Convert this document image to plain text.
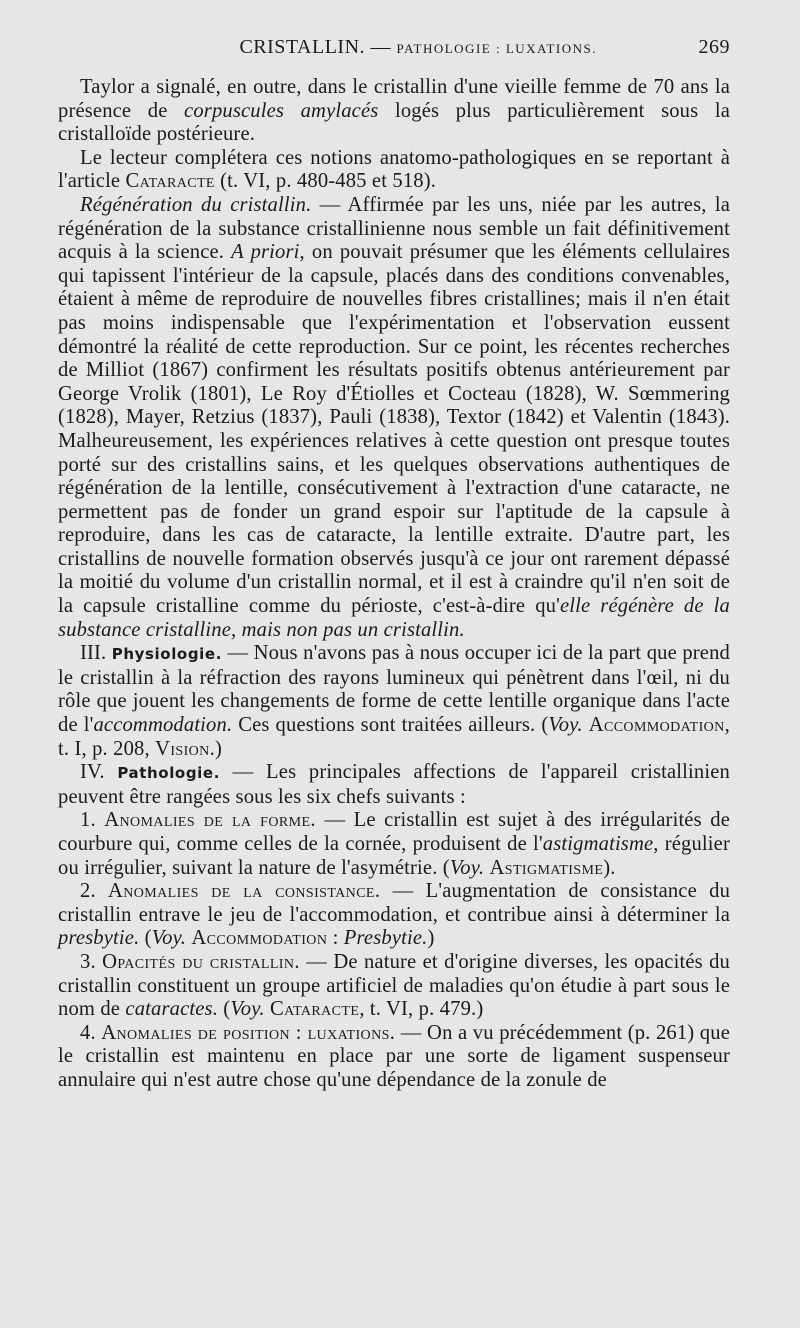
CRISTALLIN. — PATHOLOGIE : LUXATIONS.	269

Taylor a signalé, en outre, dans le cristallin d'une vieille femme de 70 ans la présence de corpuscules amylacés logés plus particulièrement sous la cristalloïde postérieure.

Le lecteur complétera ces notions anatomo-pathologiques en se reportant à l'article Cataracte (t. VI, p. 480-485 et 518).

Régénération du cristallin. — Affirmée par les uns, niée par les autres, la régénération de la substance cristallinienne nous semble un fait définitivement acquis à la science. A priori, on pouvait présumer que les éléments cellulaires qui tapissent l'intérieur de la capsule, placés dans des conditions convenables, étaient à même de reproduire de nouvelles fibres cristallines; mais il n'en était pas moins indispensable que l'expérimentation et l'observation eussent démontré la réalité de cette reproduction. Sur ce point, les récentes recherches de Milliot (1867) confirment les résultats positifs obtenus antérieurement par George Vrolik (1801), Le Roy d'Étiolles et Cocteau (1828), W. Sœmmering (1828), Mayer, Retzius (1837), Pauli (1838), Textor (1842) et Valentin (1843). Malheureusement, les expériences relatives à cette question ont presque toutes porté sur des cristallins sains, et les quelques observations authentiques de régénération de la lentille, consécutivement à l'extraction d'une cataracte, ne permettent pas de fonder un grand espoir sur l'aptitude de la capsule à reproduire, dans les cas de cataracte, la lentille extraite. D'autre part, les cristallins de nouvelle formation observés jusqu'à ce jour ont rarement dépassé la moitié du volume d'un cristallin normal, et il est à craindre qu'il n'en soit de la capsule cristalline comme du périoste, c'est-à-dire qu'elle régénère de la substance cristalline, mais non pas un cristallin.

III. Physiologie. — Nous n'avons pas à nous occuper ici de la part que prend le cristallin à la réfraction des rayons lumineux qui pénètrent dans l'œil, ni du rôle que jouent les changements de forme de cette lentille organique dans l'acte de l'accommodation. Ces questions sont traitées ailleurs. (Voy. Accommodation, t. I, p. 208, Vision.)

IV. Pathologie. — Les principales affections de l'appareil cristallinien peuvent être rangées sous les six chefs suivants :

1. Anomalies de la forme. — Le cristallin est sujet à des irrégularités de courbure qui, comme celles de la cornée, produisent de l'astigmatisme, régulier ou irrégulier, suivant la nature de l'asymétrie. (Voy. Astigmatisme).

2. Anomalies de la consistance. — L'augmentation de consistance du cristallin entrave le jeu de l'accommodation, et contribue ainsi à déterminer la presbytie. (Voy. Accommodation : Presbytie.)

3. Opacités du cristallin. — De nature et d'origine diverses, les opacités du cristallin constituent un groupe artificiel de maladies qu'on étudie à part sous le nom de cataractes. (Voy. Cataracte, t. VI, p. 479.)

4. Anomalies de position : luxations. — On a vu précédemment (p. 261) que le cristallin est maintenu en place par une sorte de ligament suspenseur annulaire qui n'est autre chose qu'une dépendance de la zonule de
